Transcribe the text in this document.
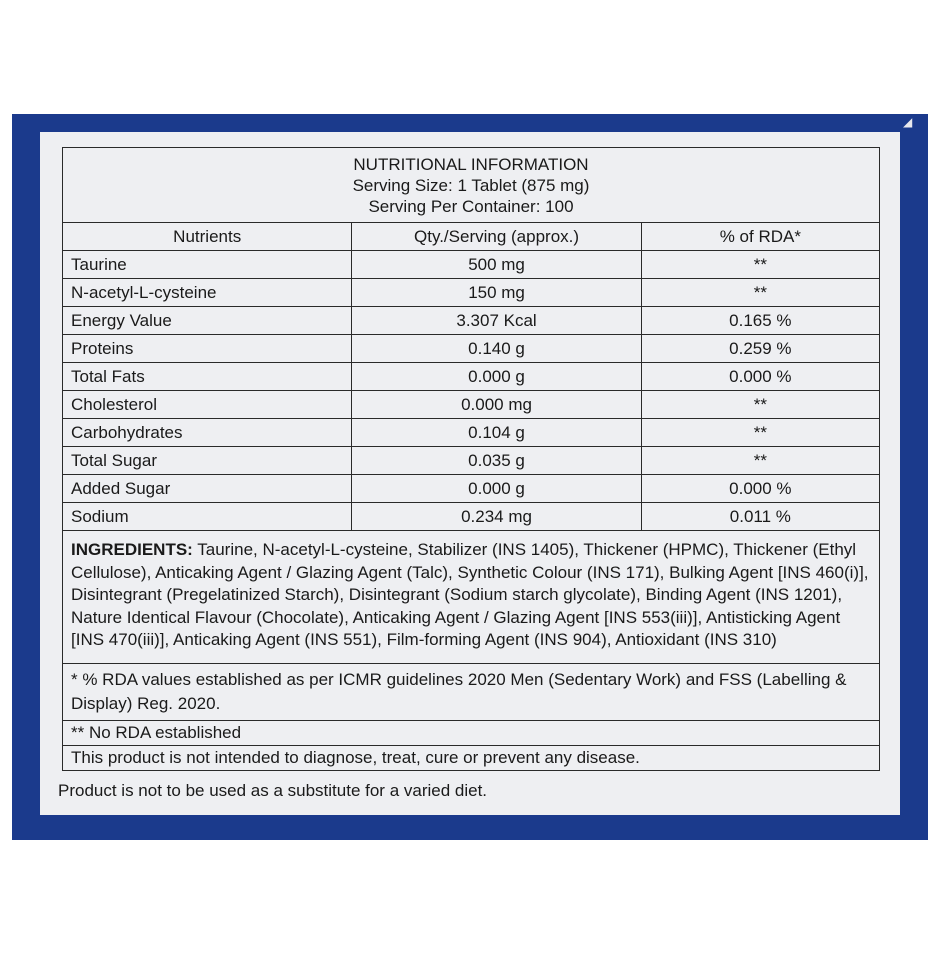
◢
NUTRITIONAL INFORMATION
Serving Size: 1 Tablet (875 mg)
Serving Per Container: 100		

Nutrients	Qty./Serving (approx.)	% of RDA*
Taurine	500 mg	**
N-acetyl-L-cysteine	150 mg	**
Energy Value	3.307 Kcal	0.165 %
Proteins	0.140 g	0.259 %
Total Fats	0.000 g	0.000 %
Cholesterol	0.000 mg	**
Carbohydrates	0.104 g	**
Total Sugar	0.035 g	**
Added Sugar	0.000 g	0.000 %
Sodium	0.234 mg	0.011 %
INGREDIENTS: Taurine, N-acetyl-L-cysteine, Stabilizer (INS 1405), Thickener (HPMC), Thickener (Ethyl Cellulose), Anticaking Agent / Glazing Agent (Talc), Synthetic Colour (INS 171), Bulking Agent [INS 460(i)], Disintegrant (Pregelatinized Starch), Disintegrant (Sodium starch glycolate), Binding Agent (INS 1201), Nature Identical Flavour (Chocolate), Anticaking Agent / Glazing Agent [INS 553(iii)], Antisticking Agent [INS 470(iii)], Anticaking Agent (INS 551), Film-forming Agent (INS 904), Antioxidant (INS 310)		
* % RDA values established as per ICMR guidelines 2020 Men (Sedentary Work) and FSS (Labelling & Display) Reg. 2020.		
** No RDA established		
This product is not intended to diagnose, treat, cure or prevent any disease.		
Product is not to be used as a substitute for a varied diet.
